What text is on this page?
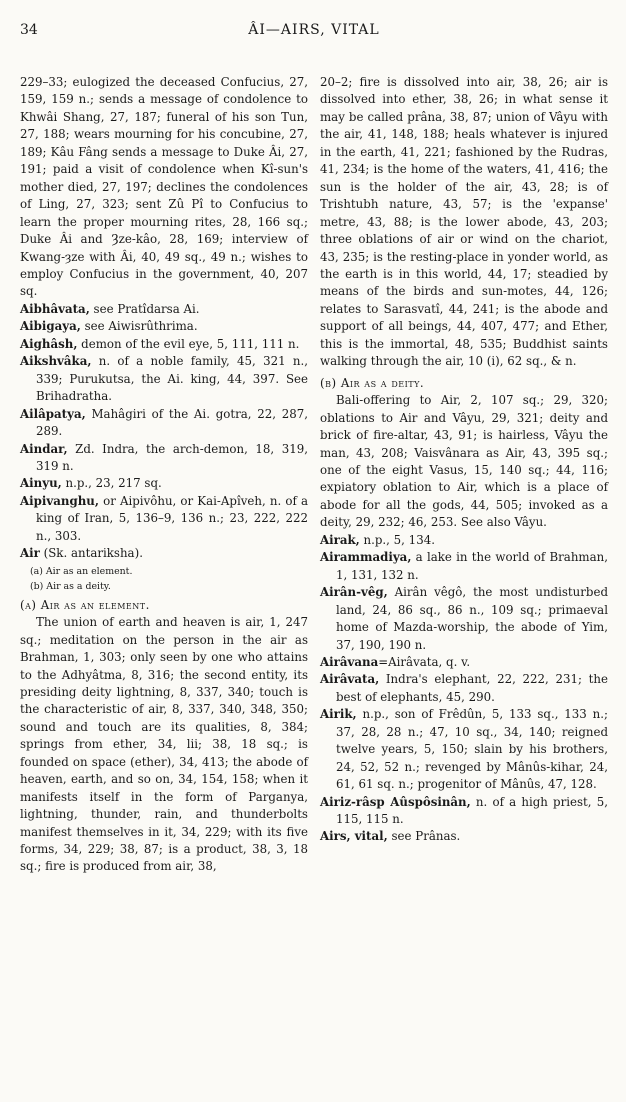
34	ÂI—AIRS, VITAL

229–33; eulogized the deceased Confucius, 27, 159, 159 n.; sends a message of condolence to Khwâi Shang, 27, 187; funeral of his son Tun, 27, 188; wears mourning for his concubine, 27, 189; Kâu Fâng sends a message to Duke Âi, 27, 191; paid a visit of condolence when Kî-sun's mother died, 27, 197; declines the condolences of Ling, 27, 323; sent Zû Pî to Confucius to learn the proper mourning rites, 28, 166 sq.; Duke Âi and Ȝze-kâo, 28, 169; interview of Kwang-ȝze with Âi, 40, 49 sq., 49 n.; wishes to employ Confucius in the government, 40, 207 sq.

Aibhâvata, see Pratîdarsa Ai.

Aibigaya, see Aiwisrûthrima.

Aighâsh, demon of the evil eye, 5, 111, 111 n.

Aikshvâka, n. of a noble family, 45, 321 n., 339; Purukutsa, the Ai. king, 44, 397. See Brihadratha.

Ailâpatya, Mahâgiri of the Ai. gotra, 22, 287, 289.

Aindar, Zd. Indra, the arch-demon, 18, 319, 319 n.

Ainyu, n.p., 23, 217 sq.

Aipivanghu, or Aipivôhu, or Kai-Apîveh, n. of a king of Iran, 5, 136–9, 136 n.; 23, 222, 222 n., 303.

Air (Sk. antariksha).

(a) Air as an element.
(b) Air as a deity.

(a) Air as an element.

The union of earth and heaven is air, 1, 247 sq.; meditation on the person in the air as Brahman, 1, 303; only seen by one who attains to the Adhyâtma, 8, 316; the second entity, its presiding deity lightning, 8, 337, 340; touch is the characteristic of air, 8, 337, 340, 348, 350; sound and touch are its qualities, 8, 384; springs from ether, 34, lii; 38, 18 sq.; is founded on space (ether), 34, 413; the abode of heaven, earth, and so on, 34, 154, 158; when it manifests itself in the form of Parganya, lightning, thunder, rain, and thunderbolts manifest themselves in it, 34, 229; with its five forms, 34, 229; 38, 87; is a product, 38, 3, 18 sq.; fire is produced from air, 38,

20–2; fire is dissolved into air, 38, 26; air is dissolved into ether, 38, 26; in what sense it may be called prâna, 38, 87; union of Vâyu with the air, 41, 148, 188; heals whatever is injured in the earth, 41, 221; fashioned by the Rudras, 41, 234; is the home of the waters, 41, 416; the sun is the holder of the air, 43, 28; is of Trishtubh nature, 43, 57; is the 'expanse' metre, 43, 88; is the lower abode, 43, 203; three oblations of air or wind on the chariot, 43, 235; is the resting-place in yonder world, as the earth is in this world, 44, 17; steadied by means of the birds and sun-motes, 44, 126; relates to Sarasvatî, 44, 241; is the abode and support of all beings, 44, 407, 477; and Ether, this is the immortal, 48, 535; Buddhist saints walking through the air, 10 (i), 62 sq., & n.

(b) Air as a deity.

Bali-offering to Air, 2, 107 sq.; 29, 320; oblations to Air and Vâyu, 29, 321; deity and brick of fire-altar, 43, 91; is hairless, Vâyu the man, 43, 208; Vaisvânara as Air, 43, 395 sq.; one of the eight Vasus, 15, 140 sq.; 44, 116; expiatory oblation to Air, which is a place of abode for all the gods, 44, 505; invoked as a deity, 29, 232; 46, 253. See also Vâyu.

Airak, n.p., 5, 134.

Airammadiya, a lake in the world of Brahman, 1, 131, 132 n.

Airân-vêg, Airân vêgô, the most undisturbed land, 24, 86 sq., 86 n., 109 sq.; primaeval home of Mazda-worship, the abode of Yim, 37, 190, 190 n.

Airâvana=Airâvata, q. v.

Airâvata, Indra's elephant, 22, 222, 231; the best of elephants, 45, 290.

Airik, n.p., son of Frêdûn, 5, 133 sq., 133 n.; 37, 28, 28 n.; 47, 10 sq., 34, 140; reigned twelve years, 5, 150; slain by his brothers, 24, 52, 52 n.; revenged by Mânûs-kihar, 24, 61, 61 sq. n.; progenitor of Mânûs, 47, 128.

Airiz-râsp Aûspôsinân, n. of a high priest, 5, 115, 115 n.

Airs, vital, see Prânas.
